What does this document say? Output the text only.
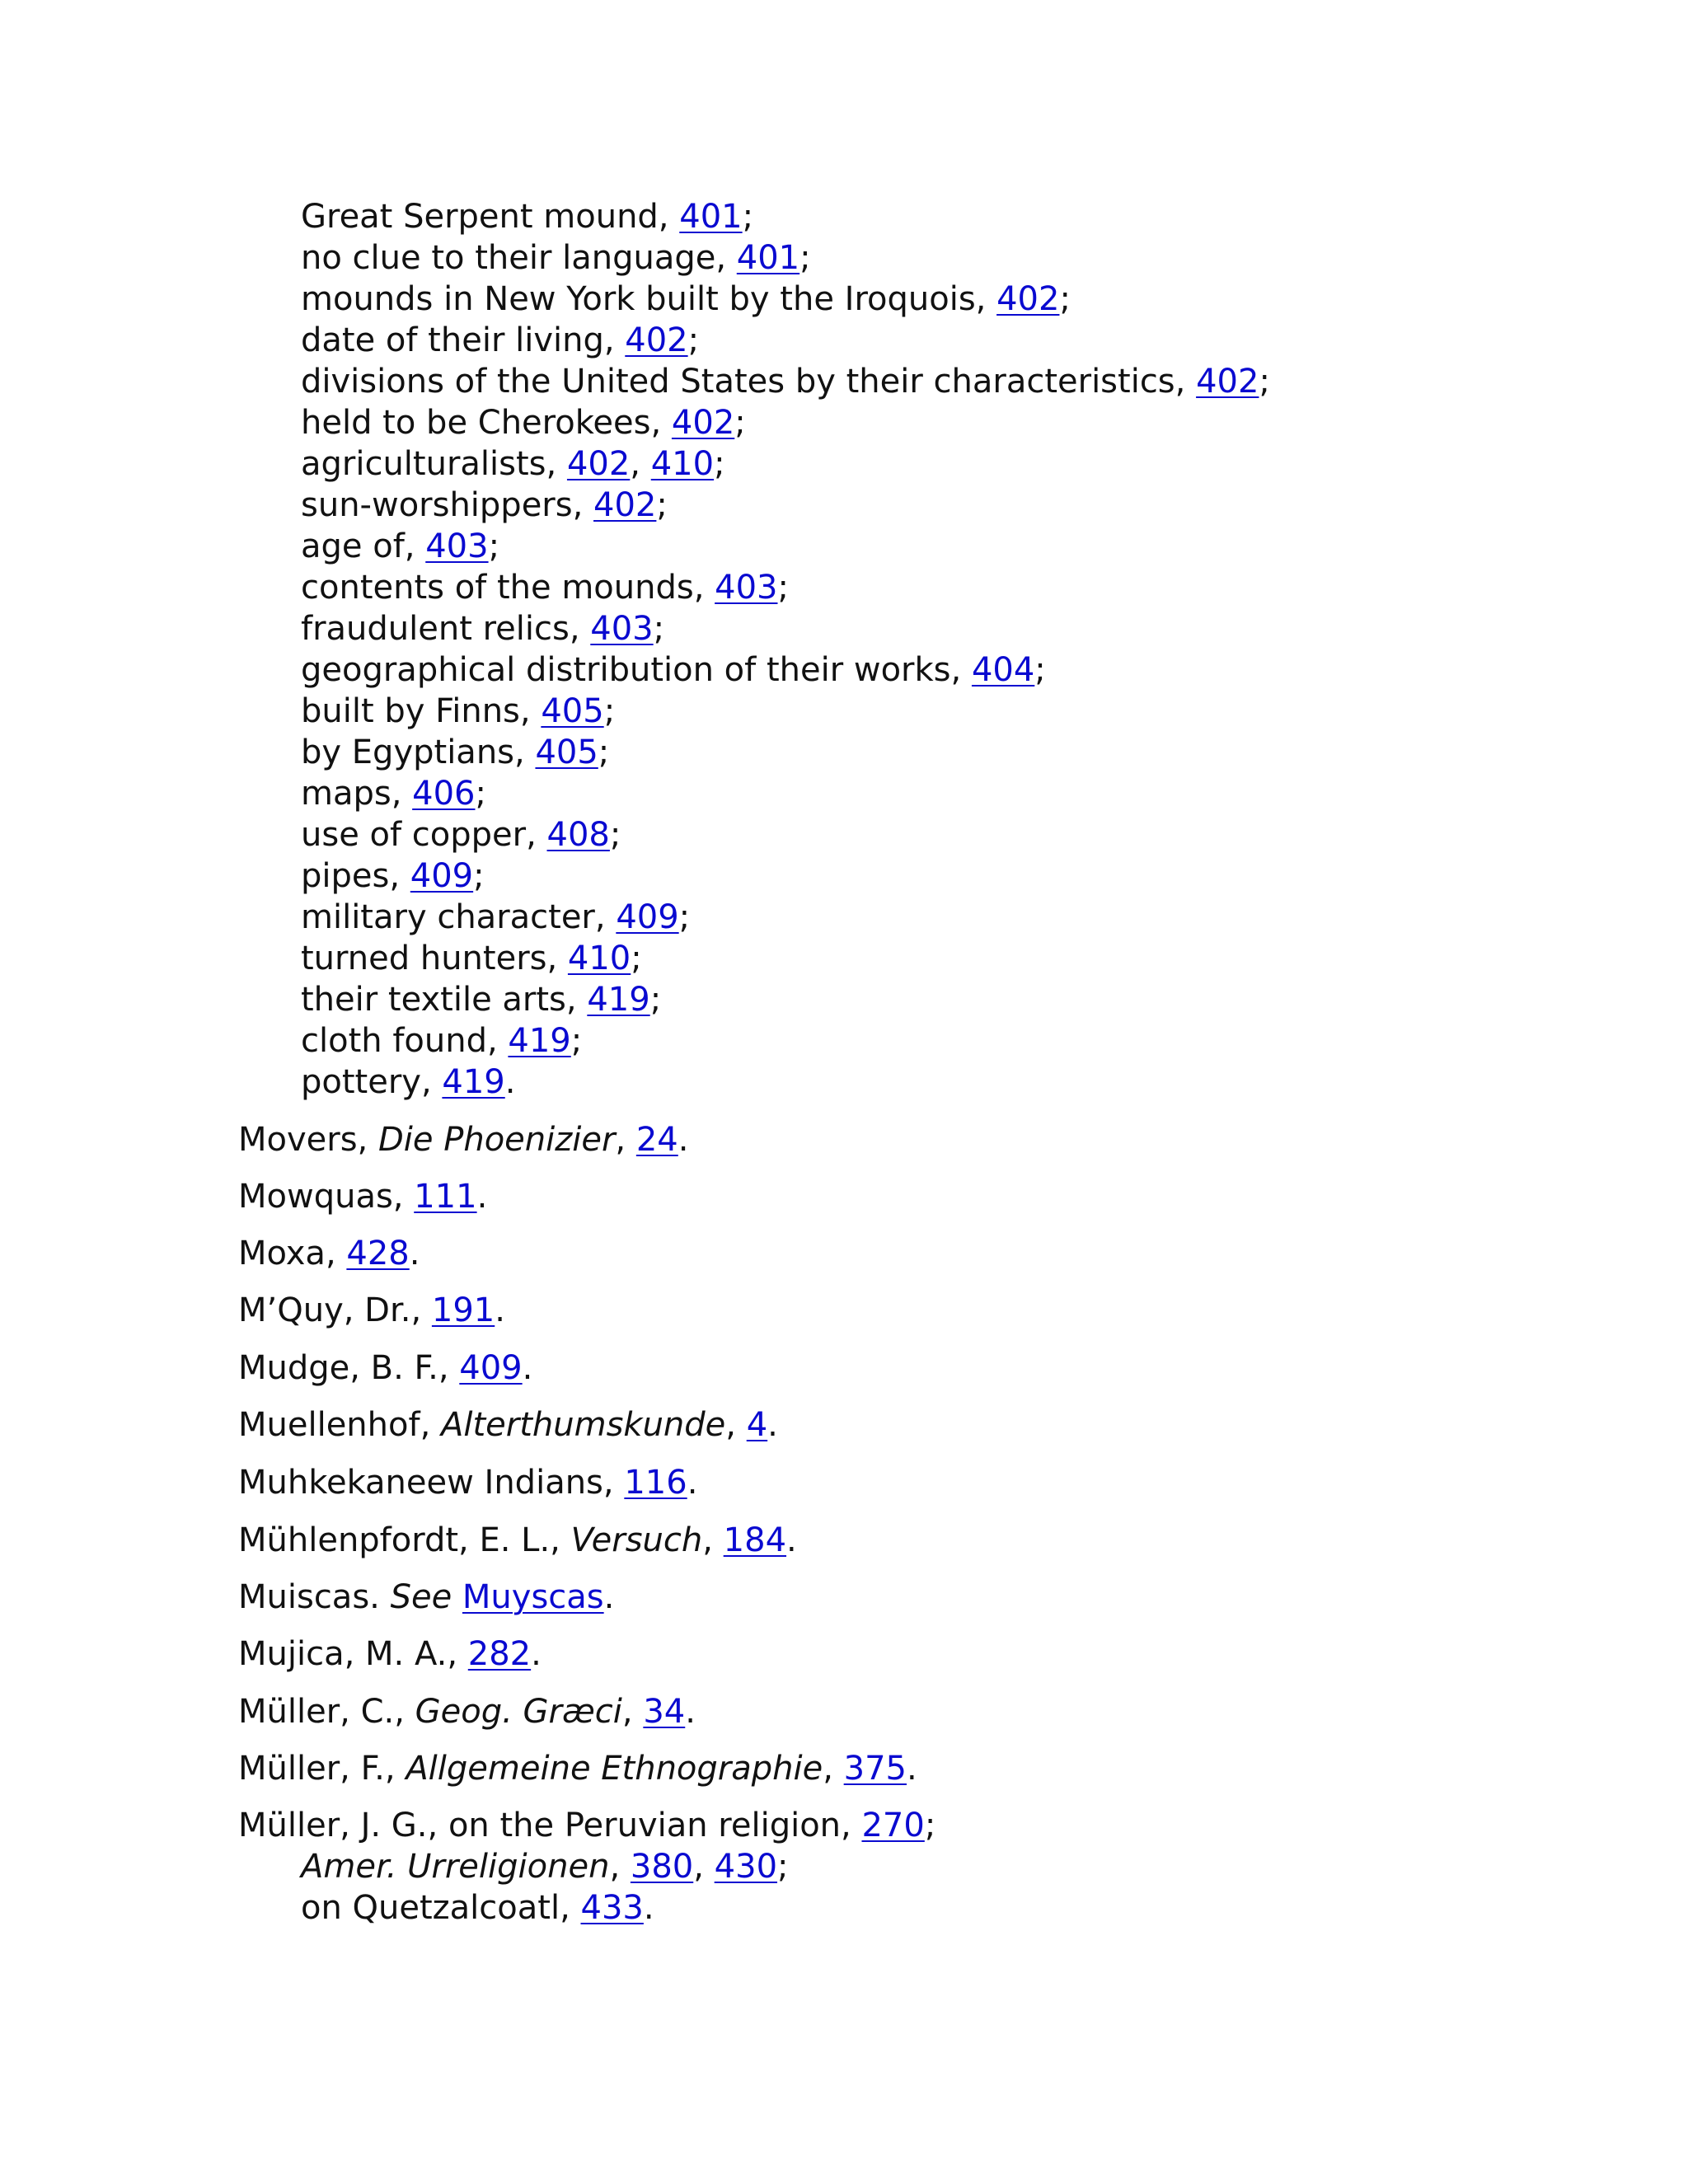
Great Serpent mound, 401;
no clue to their language, 401;
mounds in New York built by the Iroquois, 402;
date of their living, 402;
divisions of the United States by their characteristics, 402;
held to be Cherokees, 402;
agriculturalists, 402, 410;
sun-worshippers, 402;
age of, 403;
contents of the mounds, 403;
fraudulent relics, 403;
geographical distribution of their works, 404;
built by Finns, 405;
by Egyptians, 405;
maps, 406;
use of copper, 408;
pipes, 409;
military character, 409;
turned hunters, 410;
their textile arts, 419;
cloth found, 419;
pottery, 419.
Movers, Die Phoenizier, 24.
Mowquas, 111.
Moxa, 428.
M’Quy, Dr., 191.
Mudge, B. F., 409.
Muellenhof, Alterthumskunde, 4.
Muhkekaneew Indians, 116.
Mühlenpfordt, E. L., Versuch, 184.
Muiscas. See Muyscas.
Mujica, M. A., 282.
Müller, C., Geog. Græci, 34.
Müller, F., Allgemeine Ethnographie, 375.
Müller, J. G., on the Peruvian religion, 270;
Amer. Urreligionen, 380, 430;
on Quetzalcoatl, 433.
